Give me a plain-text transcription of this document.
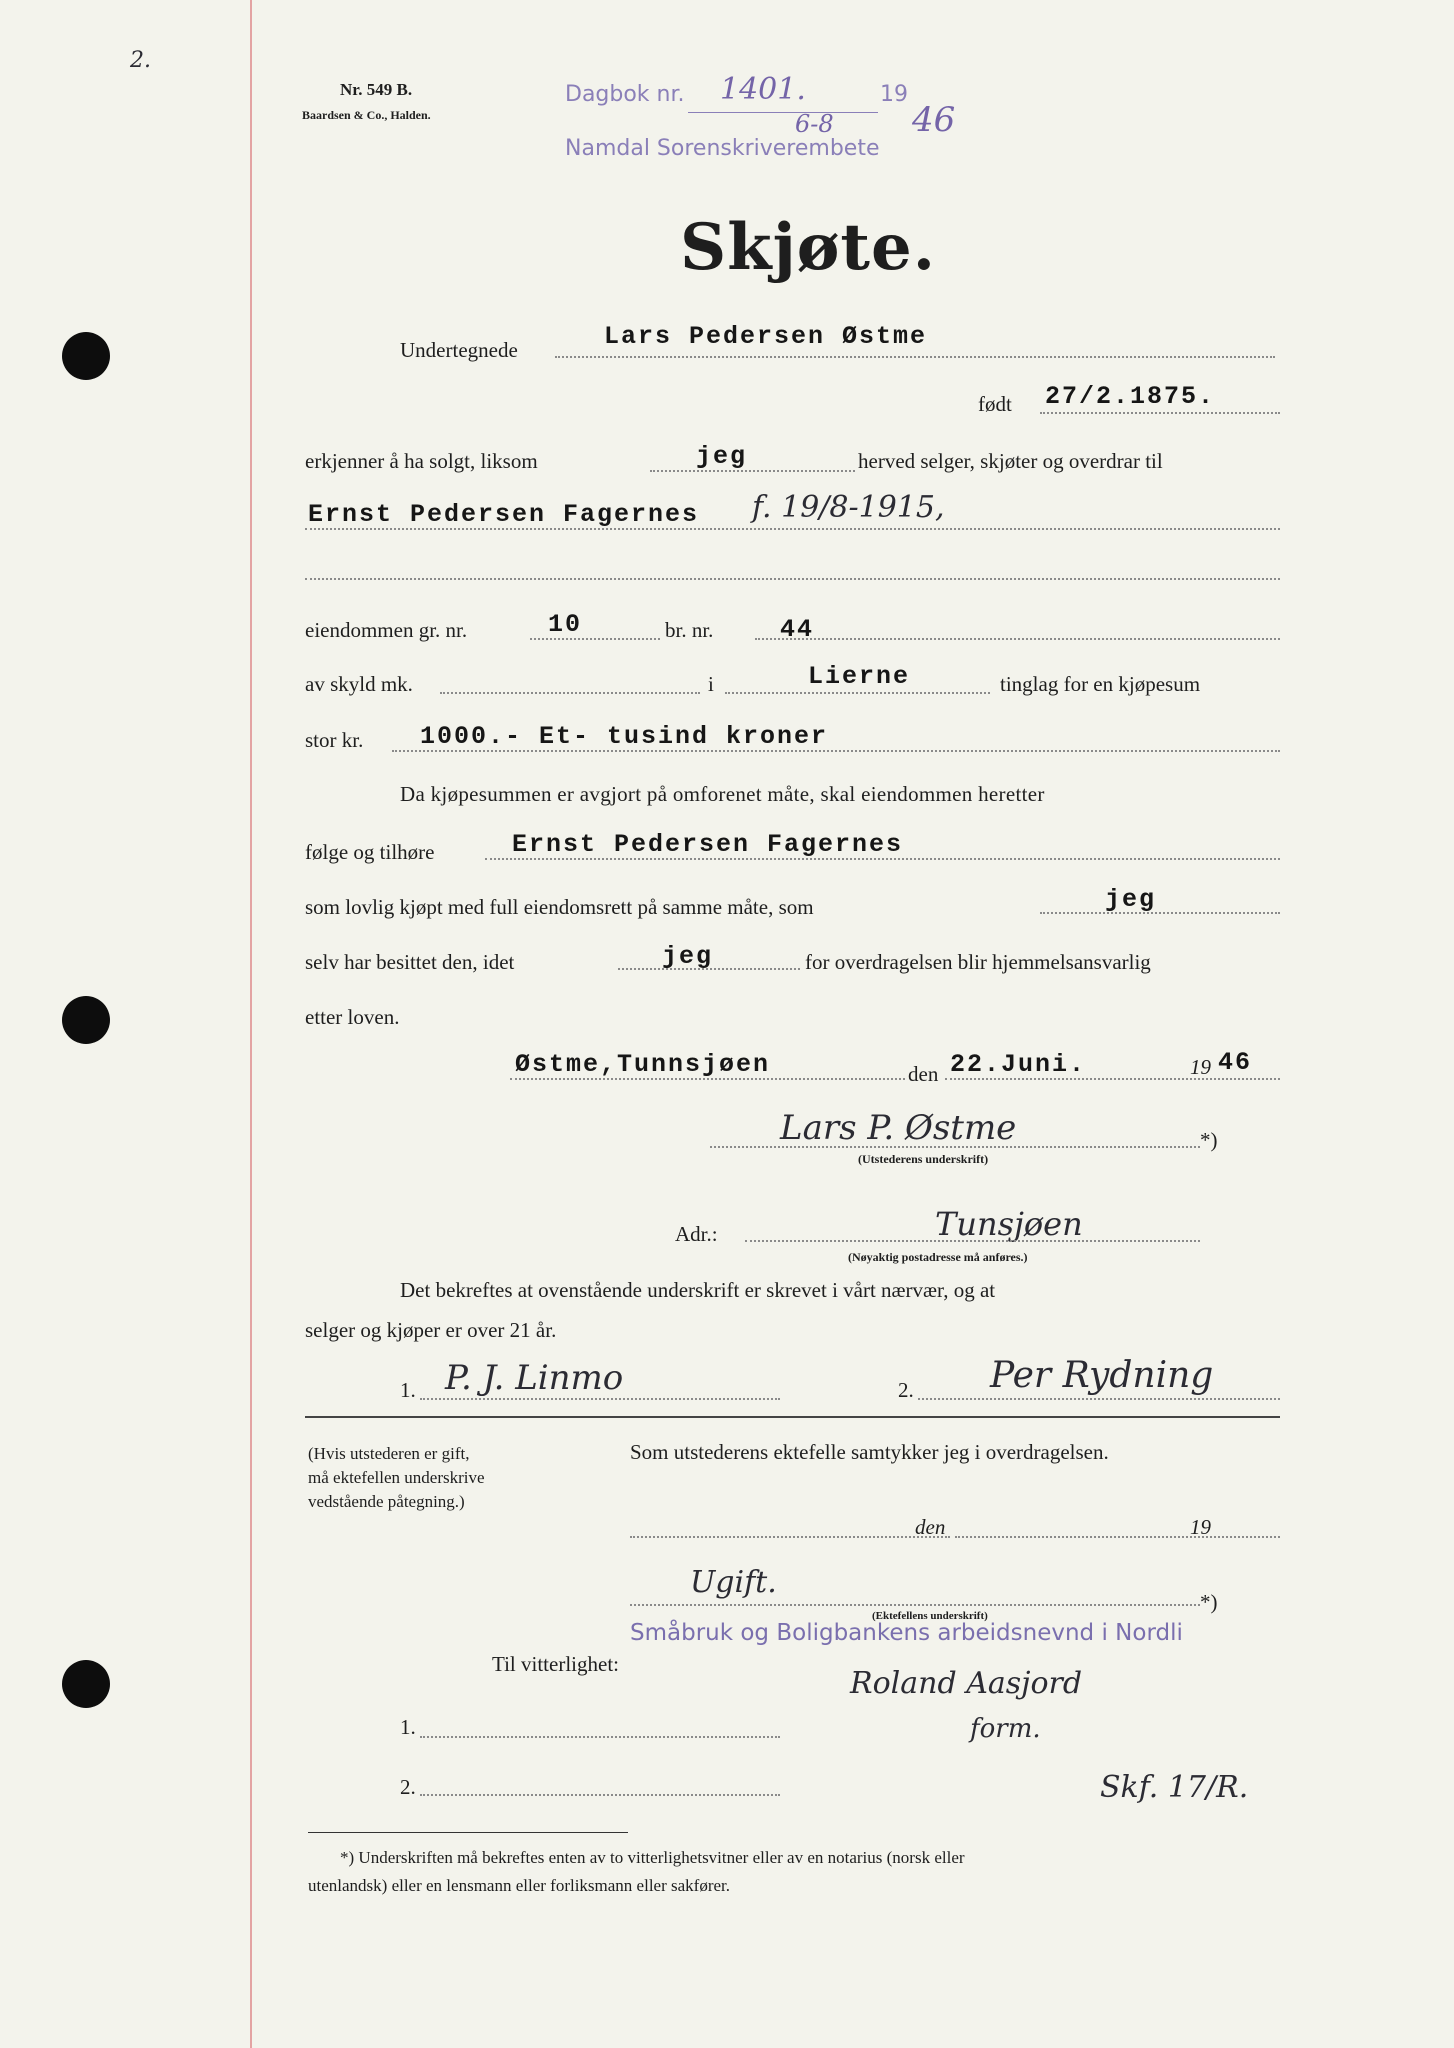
2.
Nr. 549 B.
Baardsen & Co., Halden.
Dagbok nr. 1401.	19
46
6-8
Namdal Sorenskriverembete
Skjøte.
Undertegnede	Lars Pedersen Østme
født 27/2.1875.
erkjenner å ha solgt, liksom	jeg	herved selger, skjøter og overdrar til
Ernst Pedersen Fagernes f. 19/8-1915,
eiendommen gr. nr.	10	br. nr.	44
av skyld mk.	i	Lierne	tinglag for en kjøpesum
stor kr. 1000.- Et- tusind kroner
Da kjøpesummen er avgjort på omforenet måte, skal eiendommen heretter
følge og tilhøre	Ernst Pedersen Fagernes
som lovlig kjøpt med full eiendomsrett på samme måte, som	jeg
selv har besittet den, idet	jeg	for overdragelsen blir hjemmelsansvarlig
etter loven.
Østme,Tunnsjøen	den 22.Juni.	19 46
Lars P. Østme	*)
(Utstederens underskrift)
Adr.:	Tunsjøen
(Nøyaktig postadresse må anføres.)
Det bekreftes at ovenstående underskrift er skrevet i vårt nærvær, og at
selger og kjøper er over 21 år.
1. P. J. Linmo	2. Per Rydning
(Hvis utstederen er gift,
må ektefellen underskrive
vedstående påtegning.)
Som utstederens ektefelle samtykker jeg i overdragelsen.
den	19
Ugift.
*)
(Ektefellens underskrift)
Småbruk og Boligbankens arbeidsnevnd i Nordli
Til vitterlighet:
Roland Aasjord
form.
1.
2.	Skf. 17/R.
*) Underskriften må bekreftes enten av to vitterlighetsvitner eller av en notarius (norsk eller
utenlandsk) eller en lensmann eller forliksmann eller sakfører.
